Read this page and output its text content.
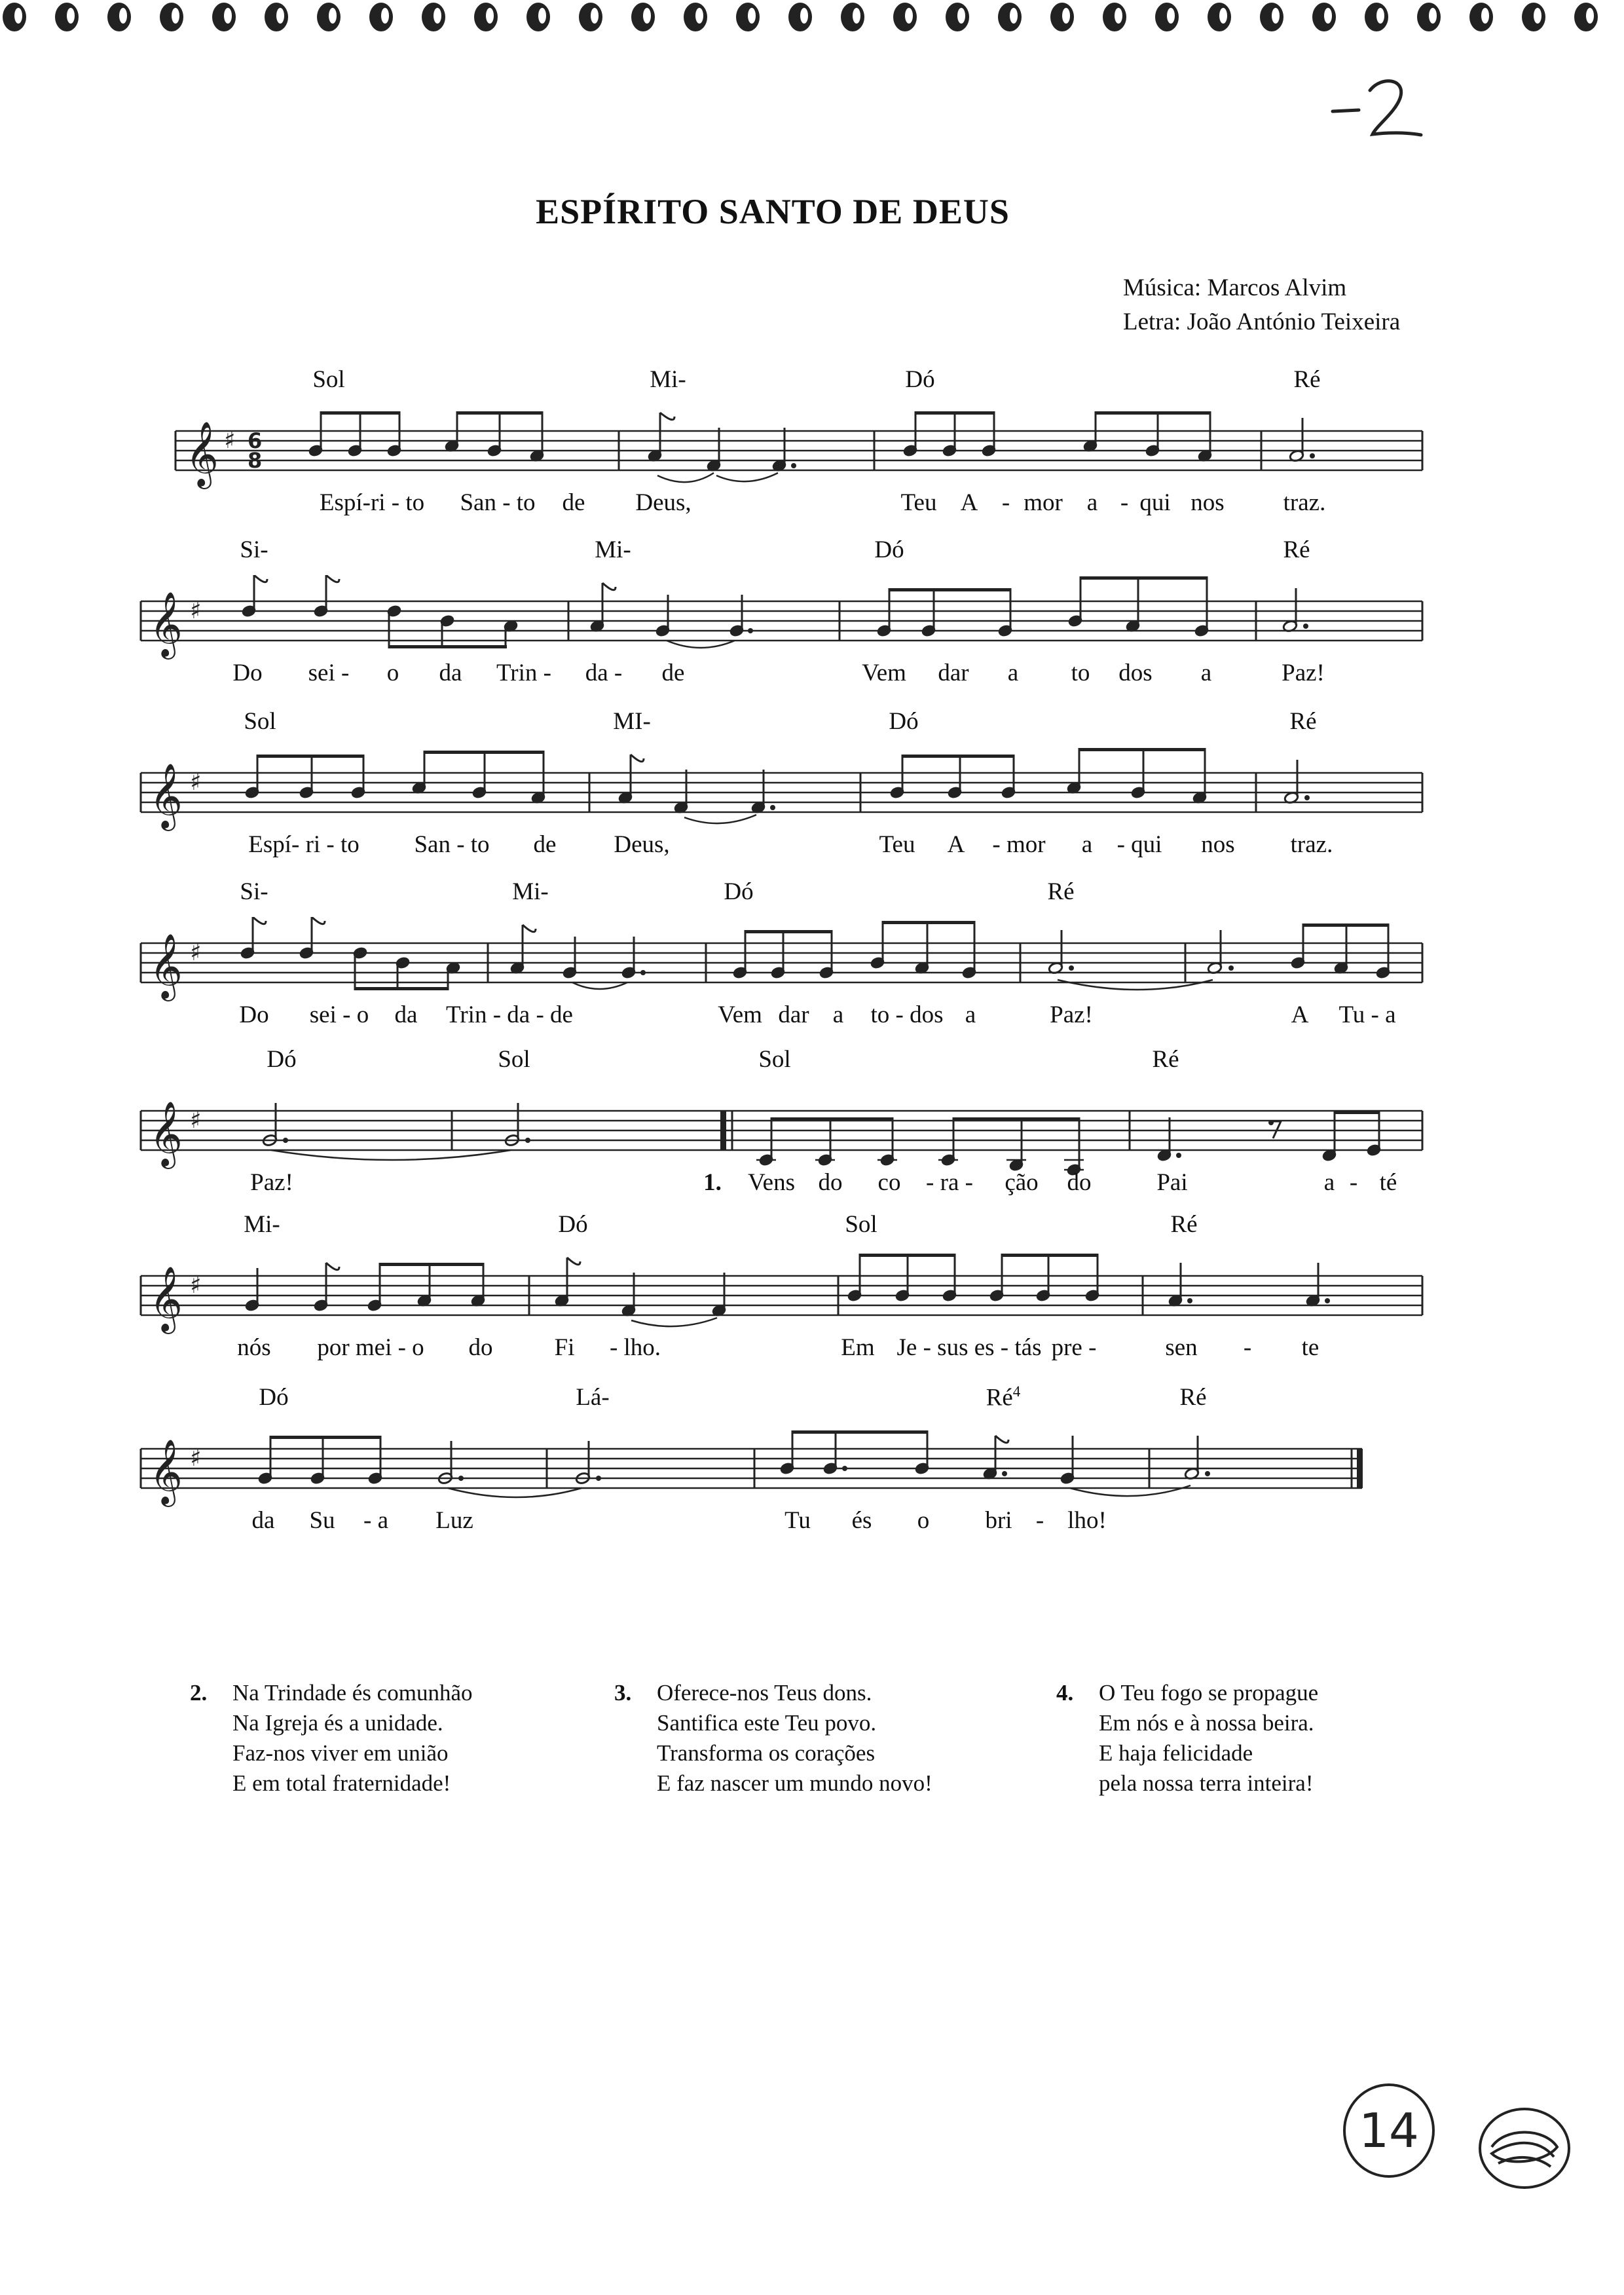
ESPÍRITO SANTO DE DEUS
Música: Marcos Alvim
Letra: João António Teixeira
Sol	Mi-	Dó	Ré
𝄞 ♯ 6
8
Espí-ri - to San - to de Deus,	Teu A - mor a - qui nos traz.
Si-	Mi-	Dó	Ré
𝄞 ♯
Do sei - o da Trin - da - de	Vem dar a to dos a	Paz!
Sol	MI-	Dó	Ré
𝄞 ♯
Espí- ri - to San - to de Deus,	Teu A - mor a - qui nos traz.
Si-	Mi-	Dó	Ré
𝄞 ♯
Do sei - o da Trin - da - de	Vem dar a to - dos a	Paz!	A Tu - a
Dó	Sol	Sol	Ré
𝄞 ♯
Paz!	1. Vens do co - ra - ção do	Pai	a - té
Mi-	Dó	Sol	Ré
𝄞 ♯
nós por mei - o do	Fi - lho.	Em Je - sus es - tás pre -	sen - te
Dó	Lá-	$Ré^4$	Ré
𝄞 ♯
da Su - a Luz	Tu és o bri - lho!
2. Na Trindade és comunhão
Na Igreja és a unidade.
Faz-nos viver em união
E em total fraternidade!
3. Oferece-nos Teus dons.
Santifica este Teu povo.
Transforma os corações
E faz nascer um mundo novo!
4. O Teu fogo se propague
Em nós e à nossa beira.
E haja felicidade
pela nossa terra inteira!
14
